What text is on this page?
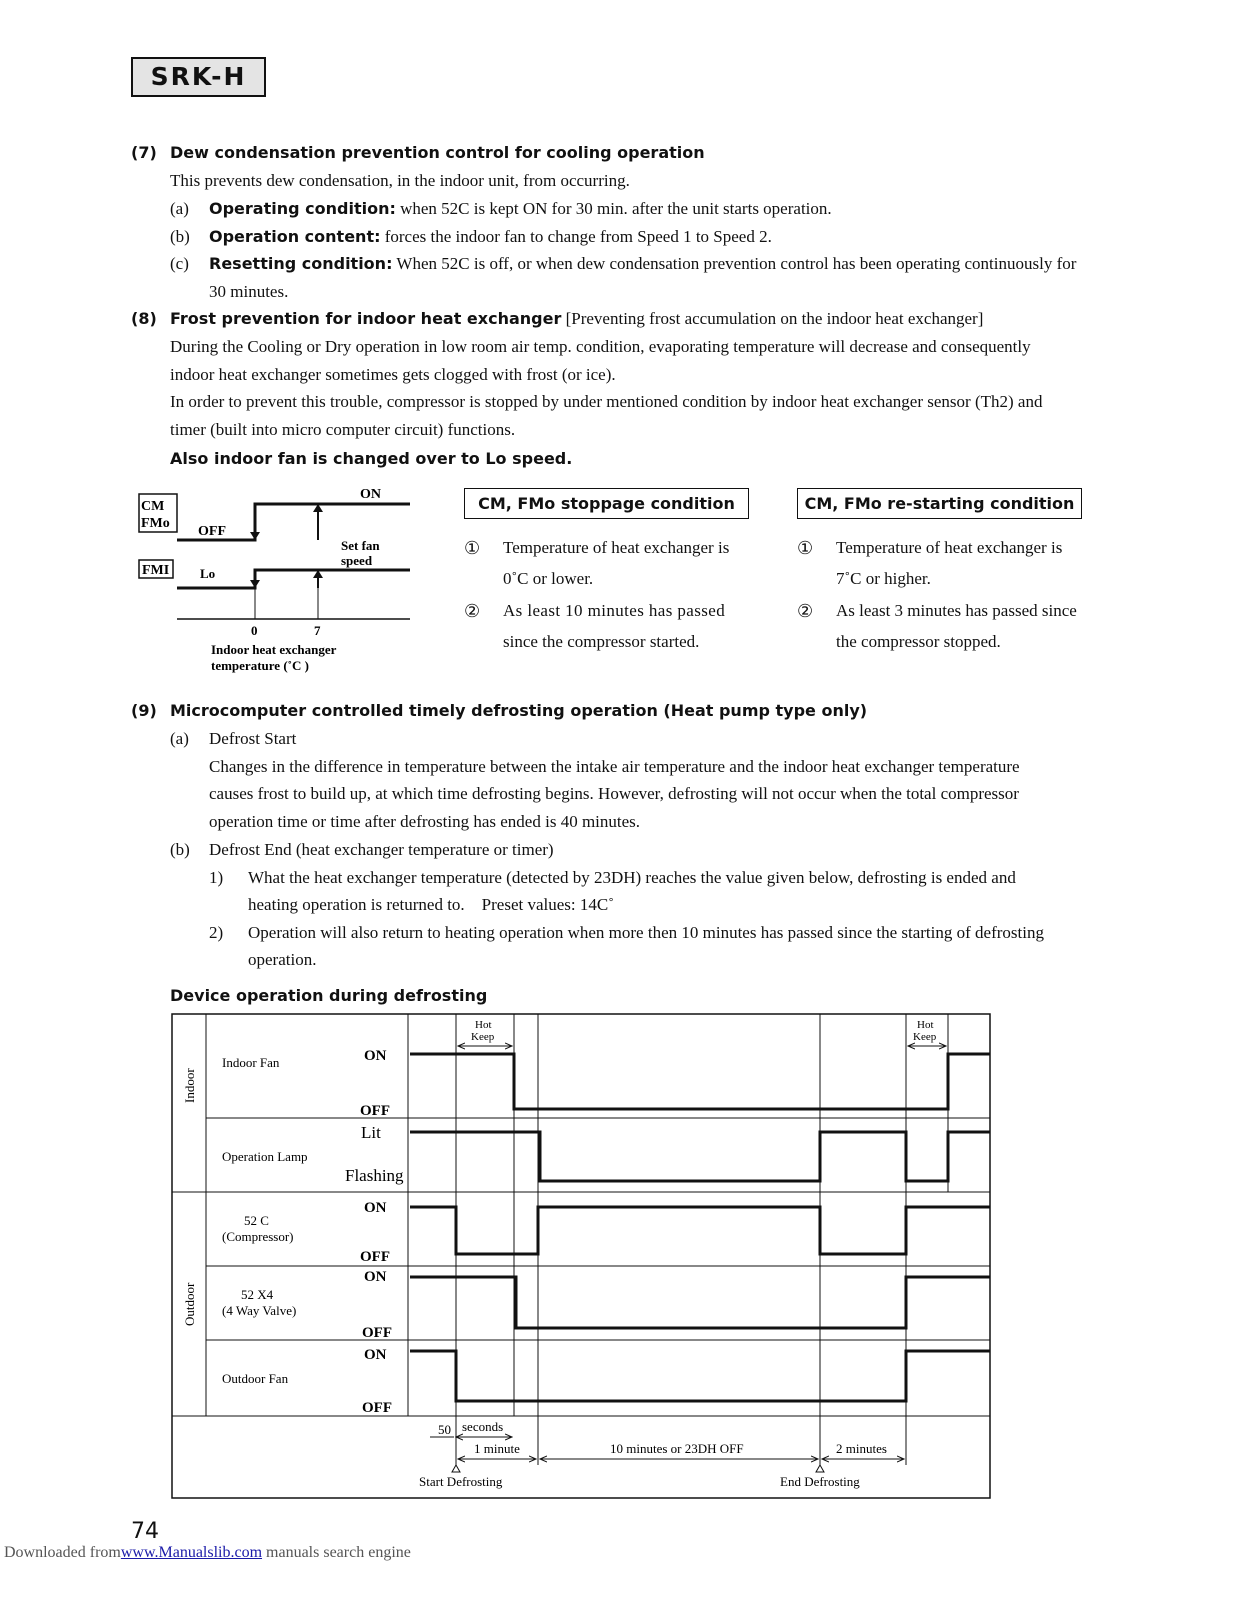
SRK-H
(7) Dew condensation prevention control for cooling operation
This prevents dew condensation, in the indoor unit, from occurring.
(a) Operating condition: when 52C is kept ON for 30 min. after the unit starts operation.
(b) Operation content: forces the indoor fan to change from Speed 1 to Speed 2.
(c) Resetting condition: When 52C is off, or when dew condensation prevention control has been operating continuously for
30 minutes.
(8) Frost prevention for indoor heat exchanger [Preventing frost accumulation on the indoor heat exchanger]
During the Cooling or Dry operation in low room air temp. condition, evaporating temperature will decrease and consequently
indoor heat exchanger sometimes gets clogged with frost (or ice).
In order to prevent this trouble, compressor is stopped by under mentioned condition by indoor heat exchanger sensor (Th2) and
timer (built into micro computer circuit) functions.
Also indoor fan is changed over to Lo speed.
CM
FMo
FMI
ON
OFF
Lo
Set fan
speed
0	7
Indoor heat exchanger
temperature (˚C )
CM, FMo stoppage condition
① Temperature of heat exchanger is
0˚C or lower.
② As least 10 minutes has passed
since the compressor started.
CM, FMo re-starting condition
① Temperature of heat exchanger is
7˚C or higher.
② As least 3 minutes has passed since
the compressor stopped.
(9) Microcomputer controlled timely defrosting operation (Heat pump type only)
(a) Defrost Start
Changes in the difference in temperature between the intake air temperature and the indoor heat exchanger temperature
causes frost to build up, at which time defrosting begins. However, defrosting will not occur when the total compressor
operation time or time after defrosting has ended is 40 minutes.
(b) Defrost End (heat exchanger temperature or timer)
1) What the heat exchanger temperature (detected by 23DH) reaches the value given below, defrosting is ended and
heating operation is returned to.    Preset values: 14C˚
2) Operation will also return to heating operation when more then 10 minutes has passed since the starting of defrosting
operation.
Device operation during defrosting
Indoor
Outdoor
Indoor Fan
Operation Lamp
52 C
(Compressor)
52 X4
(4 Way Valve)
Outdoor Fan
ON
OFF
Lit
Flashing
ON
OFF
ON
OFF
ON
OFF
Hot
Keep
Hot
Keep
50 seconds
1 minute	10 minutes or 23DH OFF	2 minutes
Start Defrosting	End Defrosting
74
Downloaded fromwww.Manualslib.com manuals search engine
